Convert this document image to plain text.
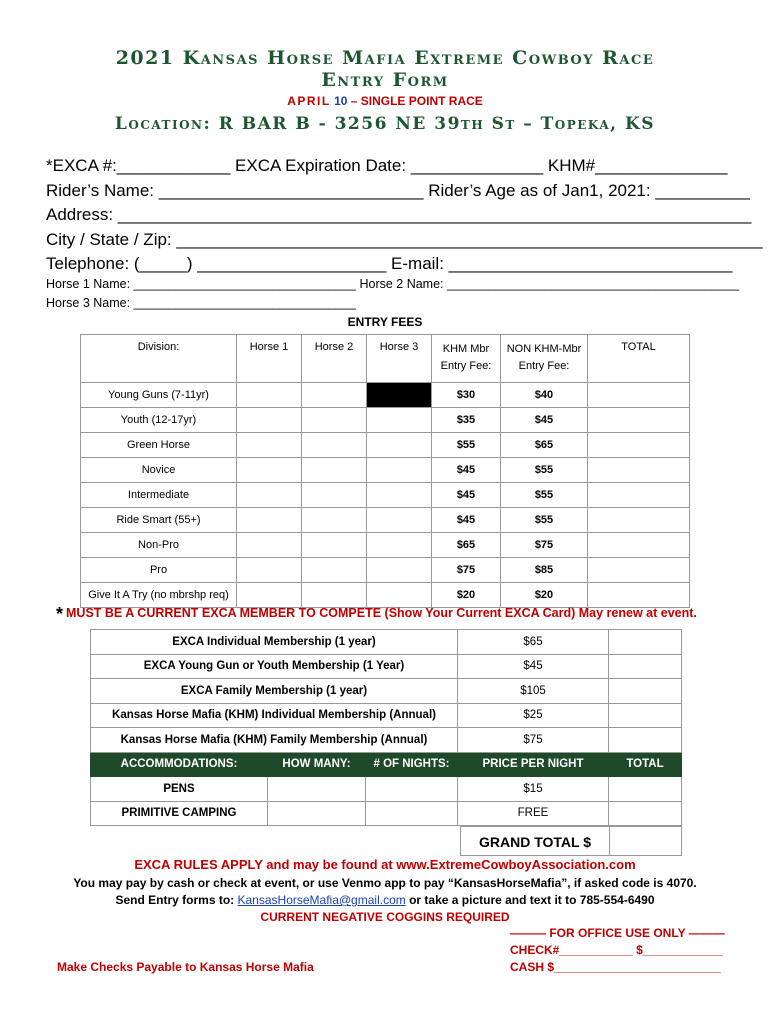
2021 Kansas Horse Mafia Extreme Cowboy Race
Entry Form
APRIL 10 – SINGLE POINT RACE
Location: R BAR B - 3256 NE 39th St – Topeka, KS
*EXCA #:____________ EXCA Expiration Date: ______________ KHM#______________
Rider’s Name: ____________________________ Rider’s Age as of Jan1, 2021: __________
Address: ___________________________________________________________________
City / State / Zip: ______________________________________________________________
Telephone: (_____) ____________________ E-mail: ______________________________
Horse 1 Name: ________________________________ Horse 2 Name: __________________________________________
Horse 3 Name: ________________________________
ENTRY FEES
Division:	Horse 1	Horse 2	Horse 3	KHM Mbr Entry Fee:	NON KHM-Mbr Entry Fee:	TOTAL
Young Guns (7-11yr)				$30	$40	
Youth (12-17yr)				$35	$45	
Green Horse				$55	$65	
Novice				$45	$55	
Intermediate				$45	$55	
Ride Smart (55+)				$45	$55	
Non-Pro				$65	$75	
Pro				$75	$85	
Give It A Try (no mbrshp req)				$20	$20	
* MUST BE A CURRENT EXCA MEMBER TO COMPETE (Show Your Current EXCA Card) May renew at event.
EXCA Individual Membership (1 year)			$65	
EXCA Young Gun or Youth Membership (1 Year)			$45	
EXCA Family Membership (1 year)			$105	
Kansas Horse Mafia (KHM) Individual Membership (Annual)			$25	
Kansas Horse Mafia (KHM) Family Membership (Annual)			$75	
ACCOMMODATIONS:	HOW MANY:	# OF NIGHTS:	PRICE PER NIGHT	TOTAL
PENS			$15	
PRIMITIVE CAMPING			FREE	
GRAND TOTAL $
EXCA RULES APPLY and may be found at www.ExtremeCowboyAssociation.com
You may pay by cash or check at event, or use Venmo app to pay “KansasHorseMafia”, if asked code is 4070.
Send Entry forms to: KansasHorseMafia@gmail.com or take a picture and text it to 785-554-6490
CURRENT NEGATIVE COGGINS REQUIRED
——— FOR OFFICE USE ONLY ———
CHECK#___________ $____________
CASH $_________________________
Make Checks Payable to Kansas Horse Mafia
